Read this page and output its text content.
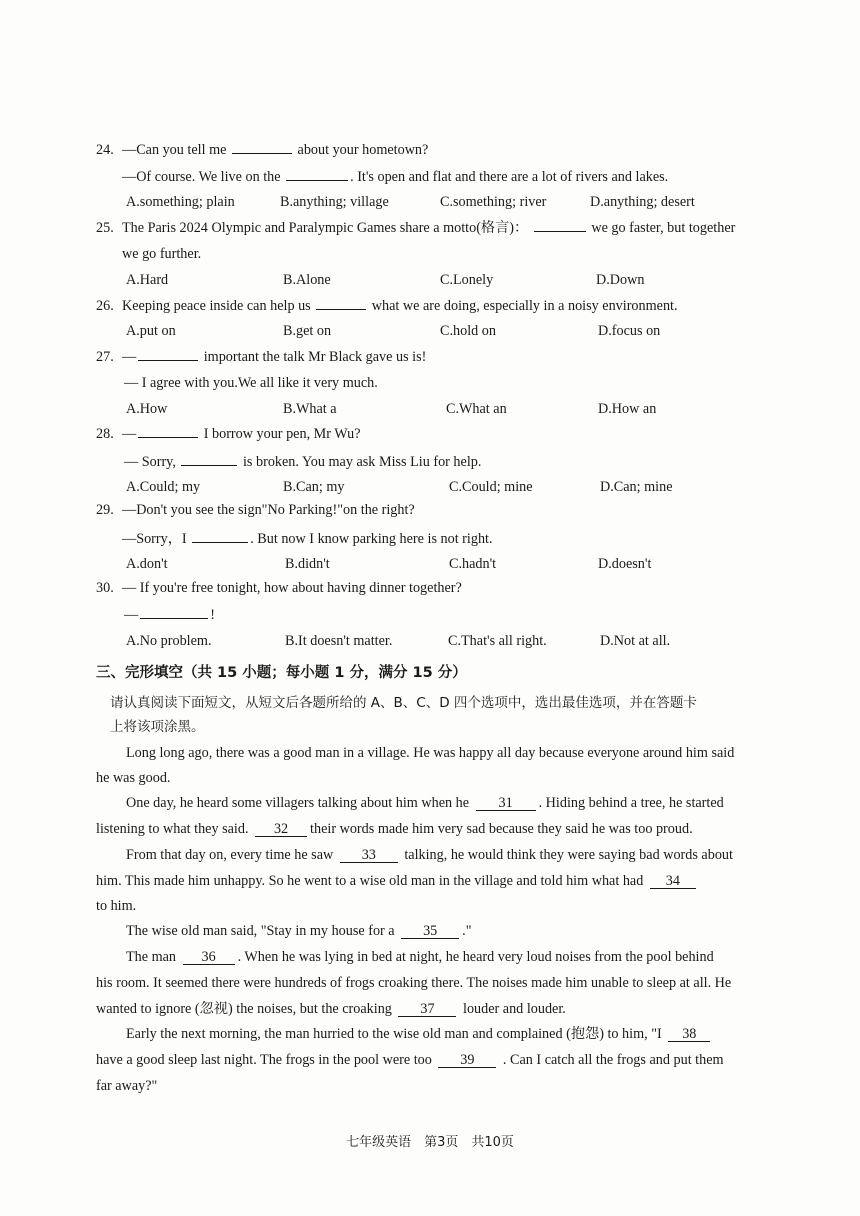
24. —Can you tell me	about your hometown?
—Of course. We live on the	. It's open and flat and there are a lot of rivers and lakes.
A.something; plain	B.anything; village	C.something; river	D.anything; desert
25. The Paris 2024 Olympic and Paralympic Games share a motto(格言)：	we go faster, but together
we go further.
A.Hard	B.Alone	C.Lonely	D.Down
26. Keeping peace inside can help us	what we are doing, especially in a noisy environment.
A.put on	B.get on	C.hold on	D.focus on
27. —	important the talk Mr Black gave us is!
— I agree with you.We all like it very much.
A.How	B.What a	C.What an	D.How an
28. —	I borrow your pen, Mr Wu?
— Sorry,	is broken. You may ask Miss Liu for help.
A.Could; my	B.Can; my	C.Could; mine	D.Can; mine
29. —Don't you see the sign"No Parking!"on the right?
—Sorry，I	. But now I know parking here is not right.
A.don't	B.didn't	C.hadn't	D.doesn't
30. — If you're free tonight, how about having dinner together?
—	!
A.No problem.	B.It doesn't matter.	C.That's all right.	D.Not at all.
三、完形填空（共 15 小题；每小题 1 分，满分 15 分）
请认真阅读下面短文，从短文后各题所给的 A、B、C、D 四个选项中，选出最佳选项，并在答题卡
上将该项涂黑。
Long long ago, there was a good man in a village. He was happy all day because everyone around him said
he was good.
One day, he heard some villagers talking about him when he 31 . Hiding behind a tree, he started
listening to what they said. 32 their words made him very sad because they said he was too proud.
From that day on, every time he saw 33 talking, he would think they were saying bad words about
him. This made him unhappy. So he went to a wise old man in the village and told him what had 34
to him.
The wise old man said, "Stay in my house for a 35 ."
The man 36 . When he was lying in bed at night, he heard very loud noises from the pool behind
his room. It seemed there were hundreds of frogs croaking there. The noises made him unable to sleep at all. He
wanted to ignore (忽视) the noises, but the croaking 37 louder and louder.
Early the next morning, the man hurried to the wise old man and complained (抱怨) to him, "I 38
have a good sleep last night. The frogs in the pool were too 39 . Can I catch all the frogs and put them
far away?"
七年级英语　第3页　共10页
